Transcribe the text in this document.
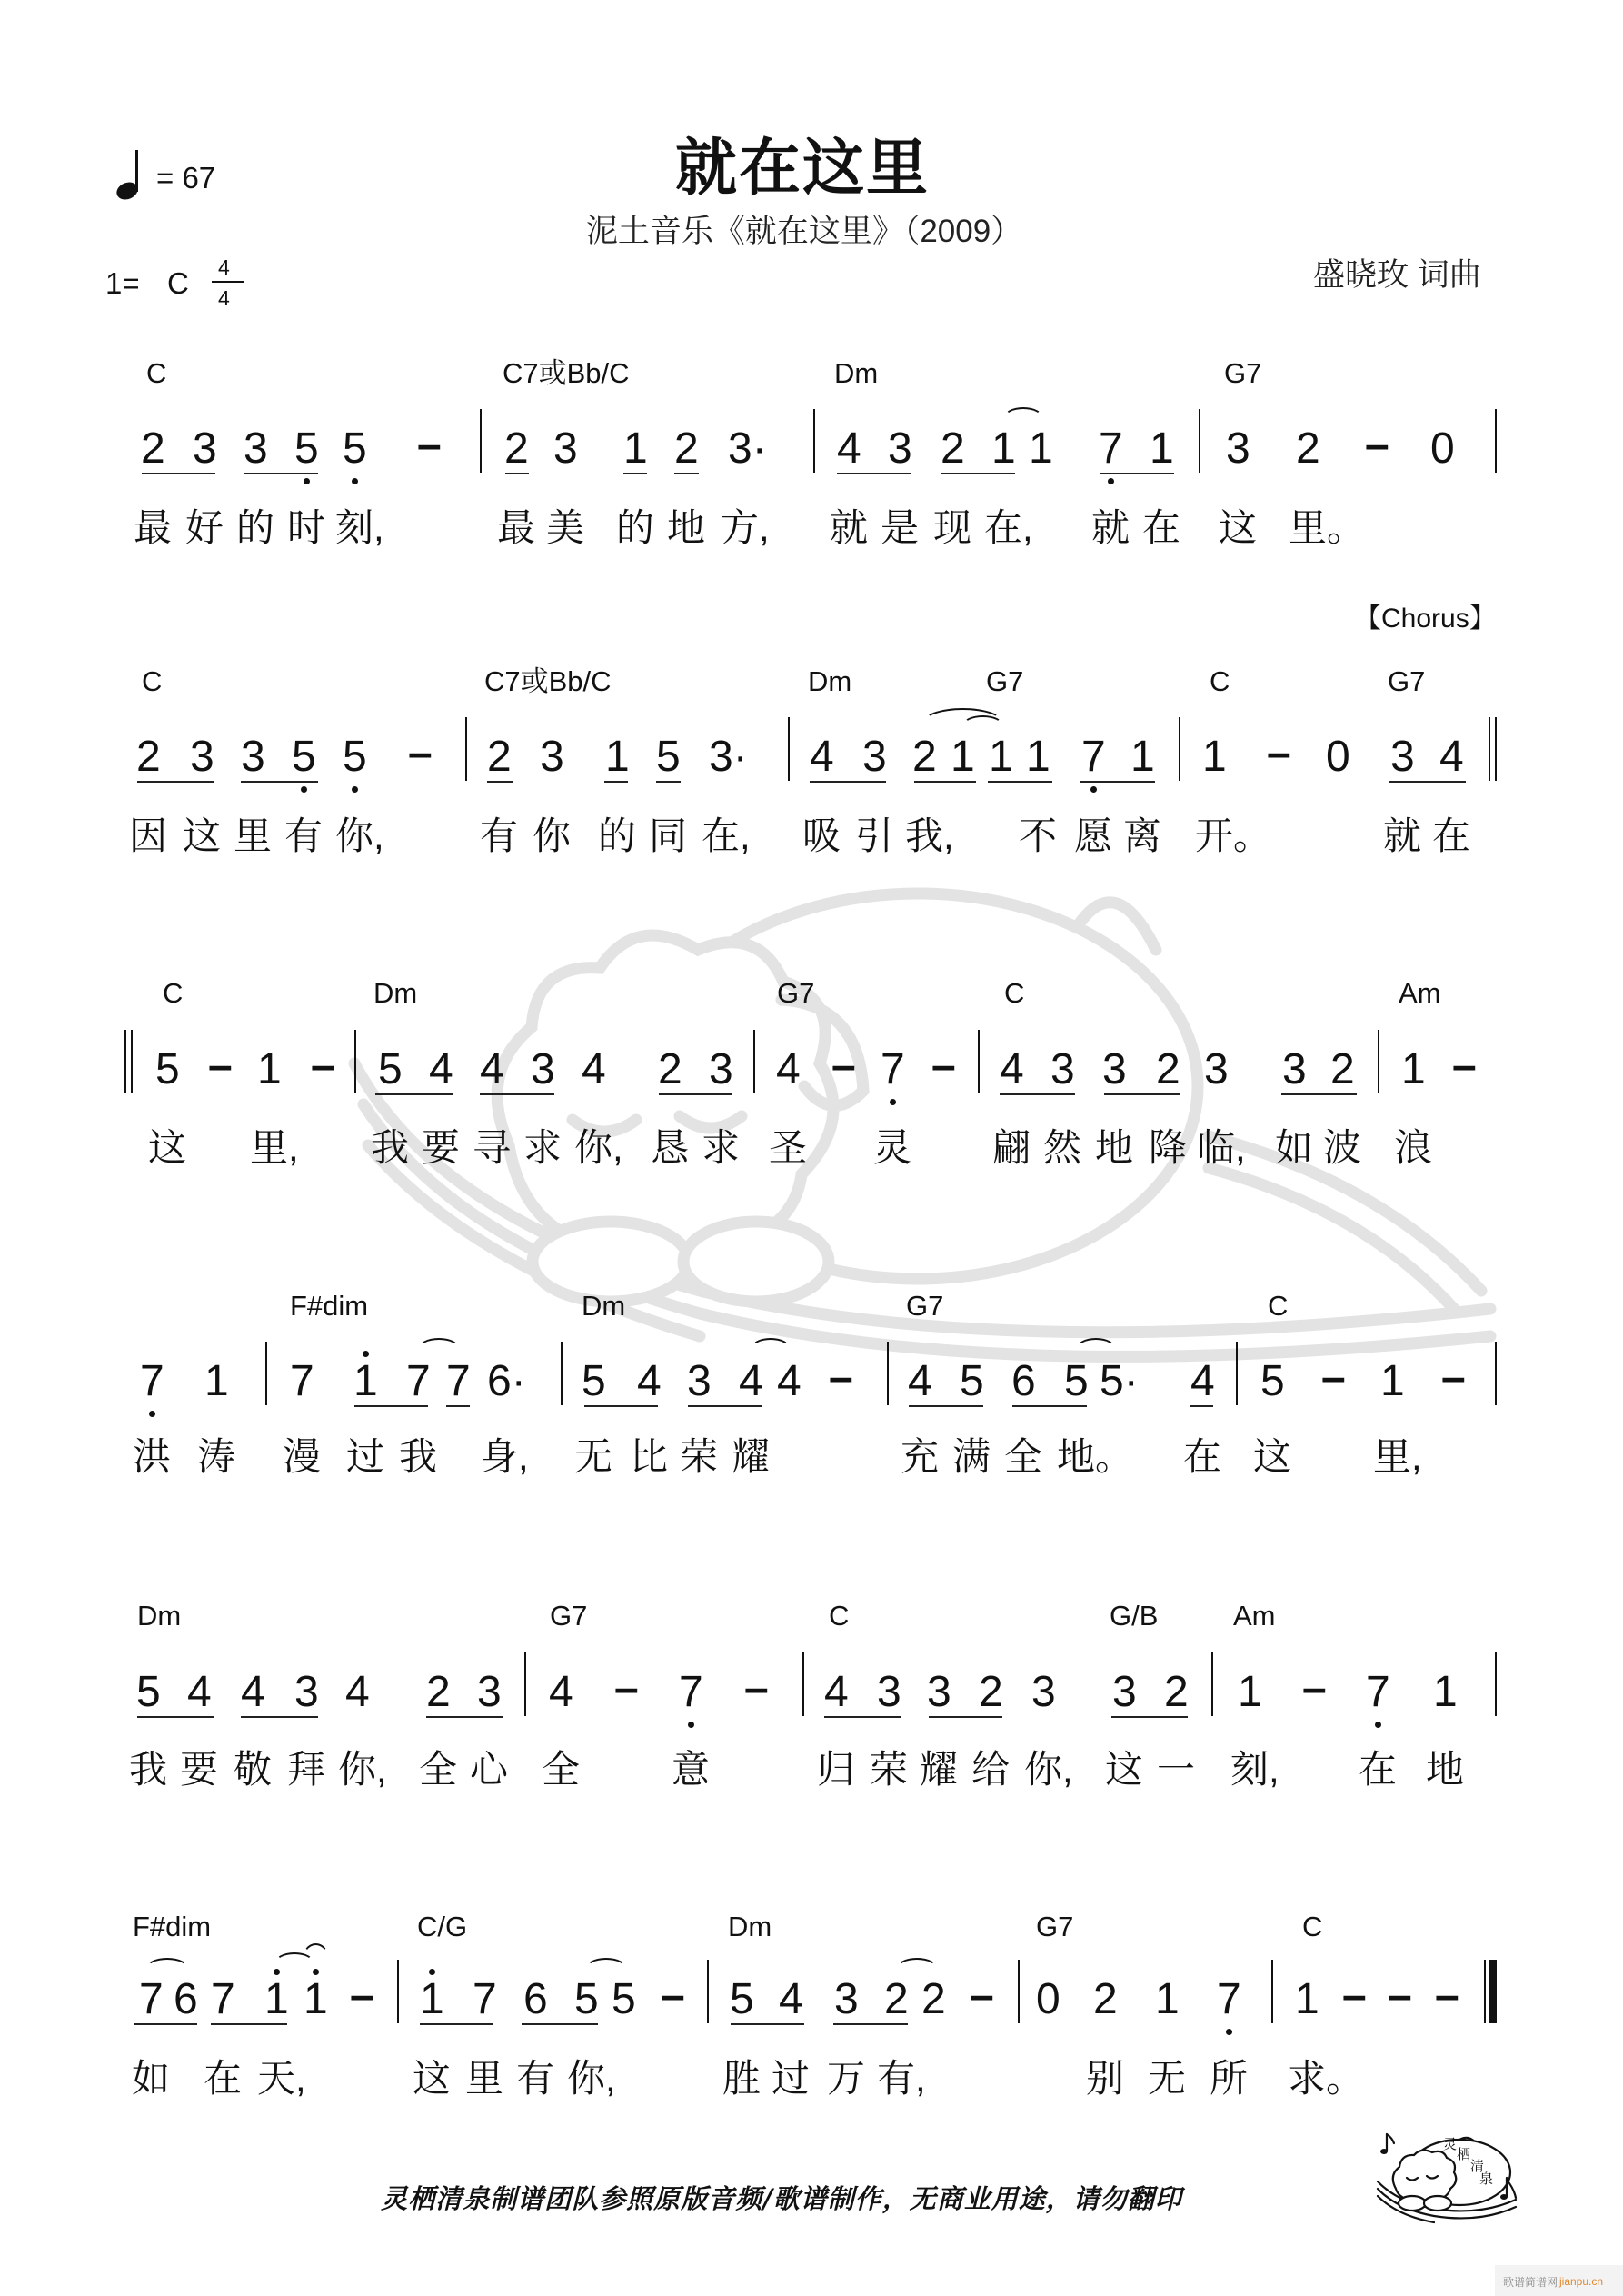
就在这里
泥土音乐《就在这里》（2009）
盛晓玫 词曲
= 67
1= C 4
4
【Chorus】
C	C7或Bb/C	Dm	G7
2 3 3 5 5 – 2 3 1 2 3· 4 3 2 1 1 7 1 3 2 – 0
最 好 的 时 刻,	最 美 的 地 方, 就 是 现 在, 就 在 这 里。
C	C7或Bb/C	Dm	G7	C	G7
2 3 3 5 5 – 2 3 1 5 3· 4 3 2 1 1 1 7 1 1 – 0 3 4
因 这 里 有 你,	有 你 的 同 在, 吸 引 我, 不 愿 离 开。	就 在
C	Dm	G7	C	Am
5 – 1 – 5 4 4 3 4 2 3 4 – 7 – 4 3 3 2 3 3 2 1 –
这 里, 我 要 寻 求 你, 恳 求 圣 灵 翩 然 地 降 临, 如 波 浪
F#dim	Dm	G7	C
7 1 7 1 7 7 6· 5 4 3 4 4 – 4 5 6 5 5· 4 5 – 1 –
洪 涛 漫 过 我 身, 无 比 荣 耀	充 满 全 地。 在 这 里,
Dm	G7	C	G/B	Am
5 4 4 3 4 2 3 4 – 7 – 4 3 3 2 3 3 2 1 – 7 1
我 要 敬 拜 你, 全 心 全 意	归 荣 耀 给 你, 这 一 刻, 在 地
F#dim	C/G	Dm	G7	C
7 6 7 1 1 – 1 7 6 5 5 – 5 4 3 2 2 – 0 2 1 7 1 – – –
如 在 天,	这 里 有 你,	胜 过 万 有,	别 无 所 求。
灵栖清泉制谱团队参照原版音频/歌谱制作，无商业用途，请勿翻印
灵
栖
清
泉
歌谱简谱网 jianpu.cn
